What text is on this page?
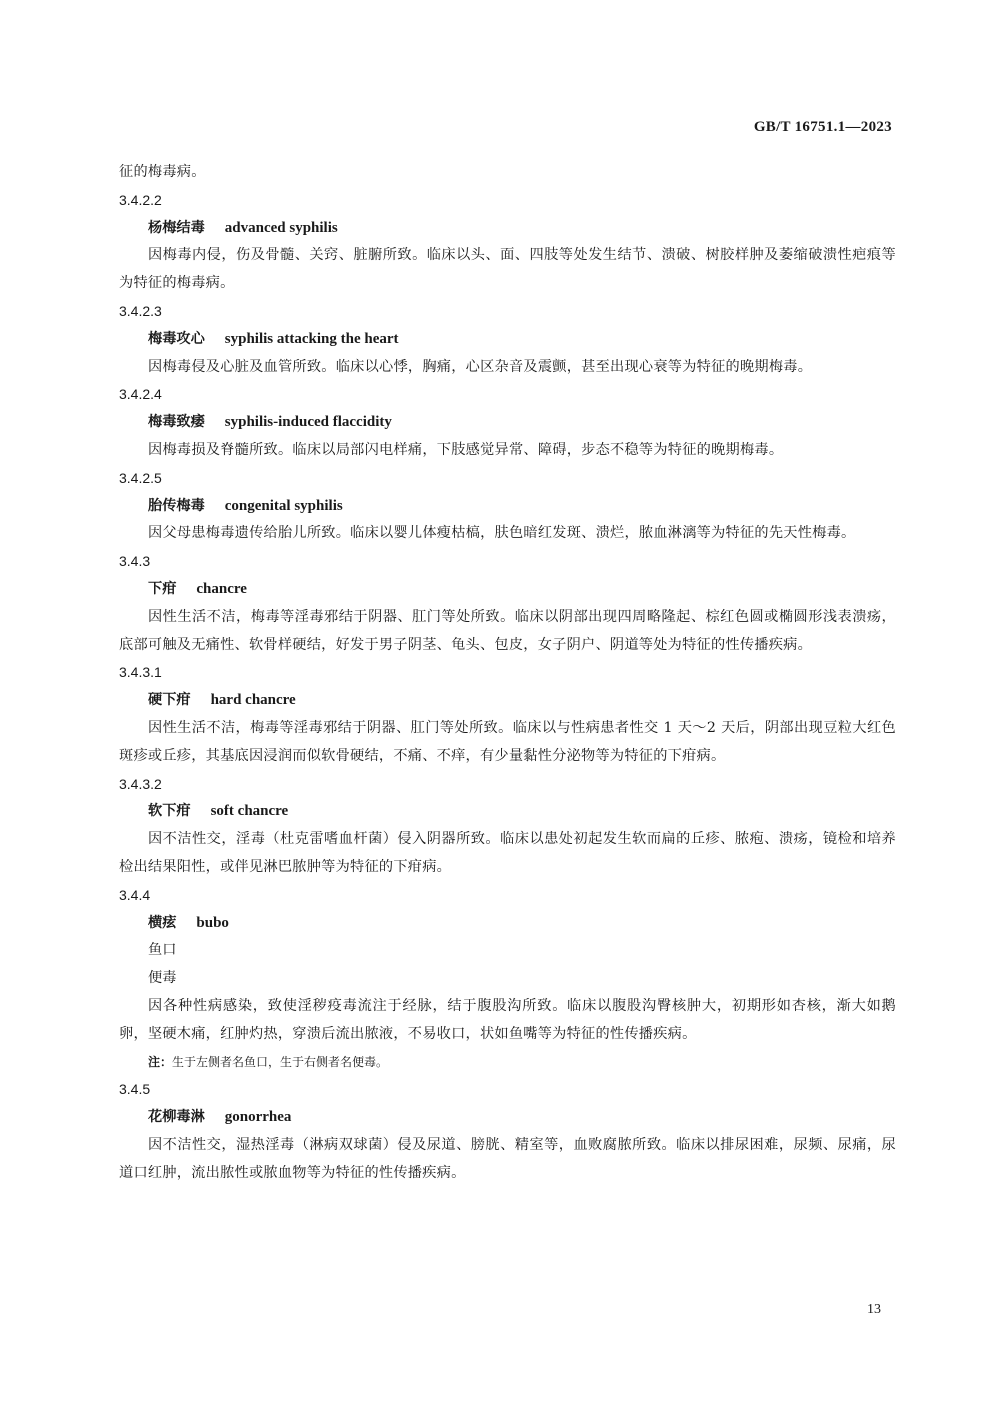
GB/T 16751.1—2023

征的梅毒病。

3.4.2.2
杨梅结毒 advanced syphilis

因梅毒内侵，伤及骨髓、关窍、脏腑所致。临床以头、面、四肢等处发生结节、溃破、树胶样肿及萎缩破溃性疤痕等为特征的梅毒病。

3.4.2.3
梅毒攻心 syphilis attacking the heart

因梅毒侵及心脏及血管所致。临床以心悸，胸痛，心区杂音及震颤，甚至出现心衰等为特征的晚期梅毒。

3.4.2.4
梅毒致痿 syphilis-induced flaccidity

因梅毒损及脊髓所致。临床以局部闪电样痛，下肢感觉异常、障碍，步态不稳等为特征的晚期梅毒。

3.4.2.5
胎传梅毒 congenital syphilis

因父母患梅毒遗传给胎儿所致。临床以婴儿体瘦枯槁，肤色暗红发斑、溃烂，脓血淋漓等为特征的先天性梅毒。

3.4.3
下疳 chancre

因性生活不洁，梅毒等淫毒邪结于阴器、肛门等处所致。临床以阴部出现四周略隆起、棕红色圆或椭圆形浅表溃疡，底部可触及无痛性、软骨样硬结，好发于男子阴茎、龟头、包皮，女子阴户、阴道等处为特征的性传播疾病。

3.4.3.1
硬下疳 hard chancre

因性生活不洁，梅毒等淫毒邪结于阴器、肛门等处所致。临床以与性病患者性交 1 天～2 天后，阴部出现豆粒大红色斑疹或丘疹，其基底因浸润而似软骨硬结，不痛、不痒，有少量黏性分泌物等为特征的下疳病。

3.4.3.2
软下疳 soft chancre

因不洁性交，淫毒（杜克雷嗜血杆菌）侵入阴器所致。临床以患处初起发生软而扁的丘疹、脓疱、溃疡，镜检和培养检出结果阳性，或伴见淋巴脓肿等为特征的下疳病。

3.4.4
横痃 bubo
鱼口
便毒

因各种性病感染，致使淫秽疫毒流注于经脉，结于腹股沟所致。临床以腹股沟臀核肿大，初期形如杏核，渐大如鹅卵，坚硬木痛，红肿灼热，穿溃后流出脓液，不易收口，状如鱼嘴等为特征的性传播疾病。

注：生于左侧者名鱼口，生于右侧者名便毒。
3.4.5
花柳毒淋 gonorrhea

因不洁性交，湿热淫毒（淋病双球菌）侵及尿道、膀胱、精室等，血败腐脓所致。临床以排尿困难，尿频、尿痛，尿道口红肿，流出脓性或脓血物等为特征的性传播疾病。

13
